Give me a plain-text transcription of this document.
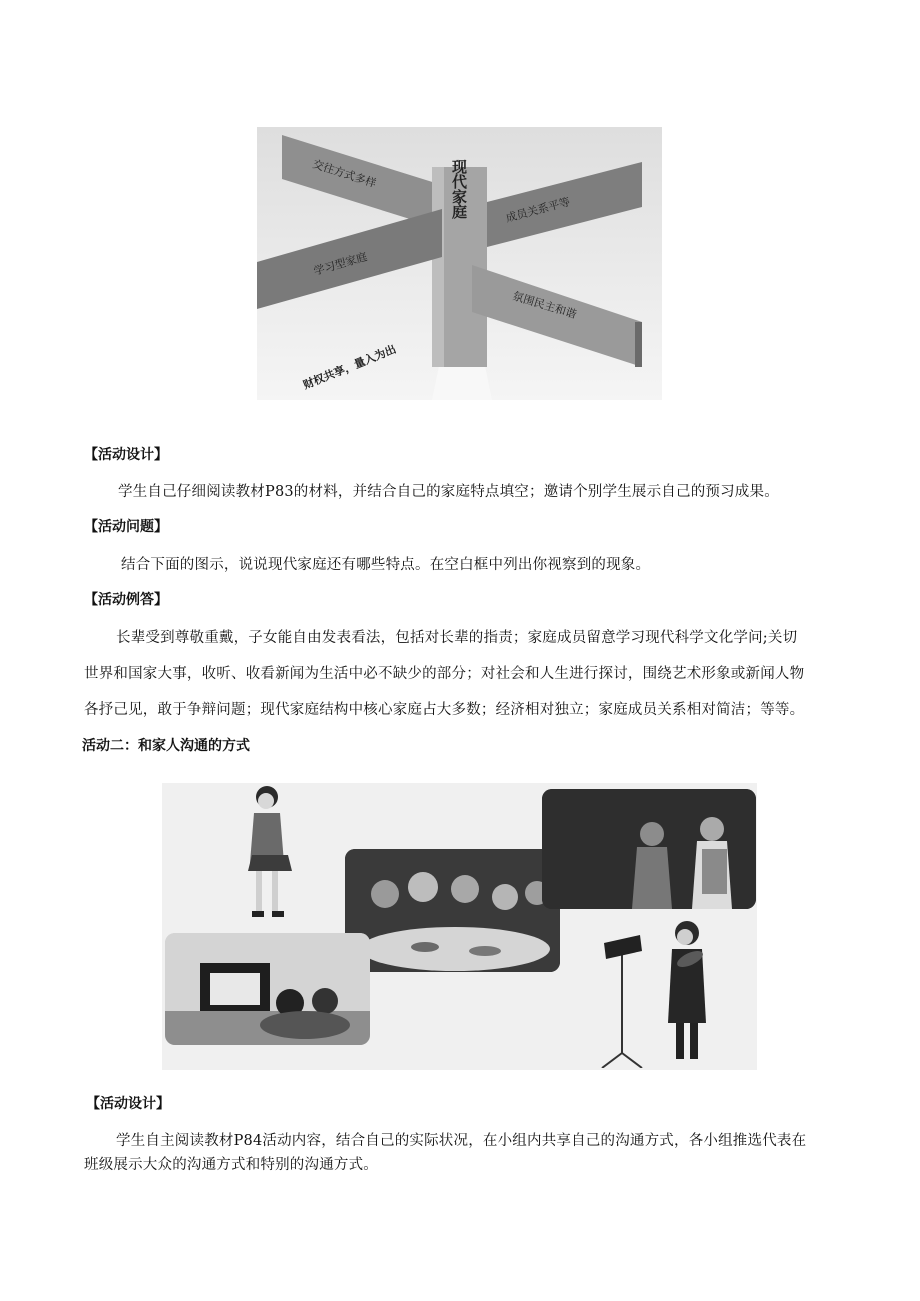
现代家庭
交往方式多样
成员关系平等
学习型家庭
氛围民主和谐
财权共享，量入为出
【活动设计】
学生自己仔细阅读教材P83的材料，并结合自己的家庭特点填空；邀请个别学生展示自己的预习成果。
【活动问题】
结合下面的图示，说说现代家庭还有哪些特点。在空白框中列出你视察到的现象。
【活动例答】
长辈受到尊敬重戴，子女能自由发表看法，包括对长辈的指责；家庭成员留意学习现代科学文化学问;关切
世界和国家大事，收听、收看新闻为生活中必不缺少的部分；对社会和人生进行探讨，围绕艺术形象或新闻人物
各抒己见，敢于争辩问题；现代家庭结构中核心家庭占大多数；经济相对独立；家庭成员关系相对简洁；等等。
活动二：和家人沟通的方式
【活动设计】
学生自主阅读教材P84活动内容，结合自己的实际状况，在小组内共享自己的沟通方式，各小组推选代表在
班级展示大众的沟通方式和特别的沟通方式。
